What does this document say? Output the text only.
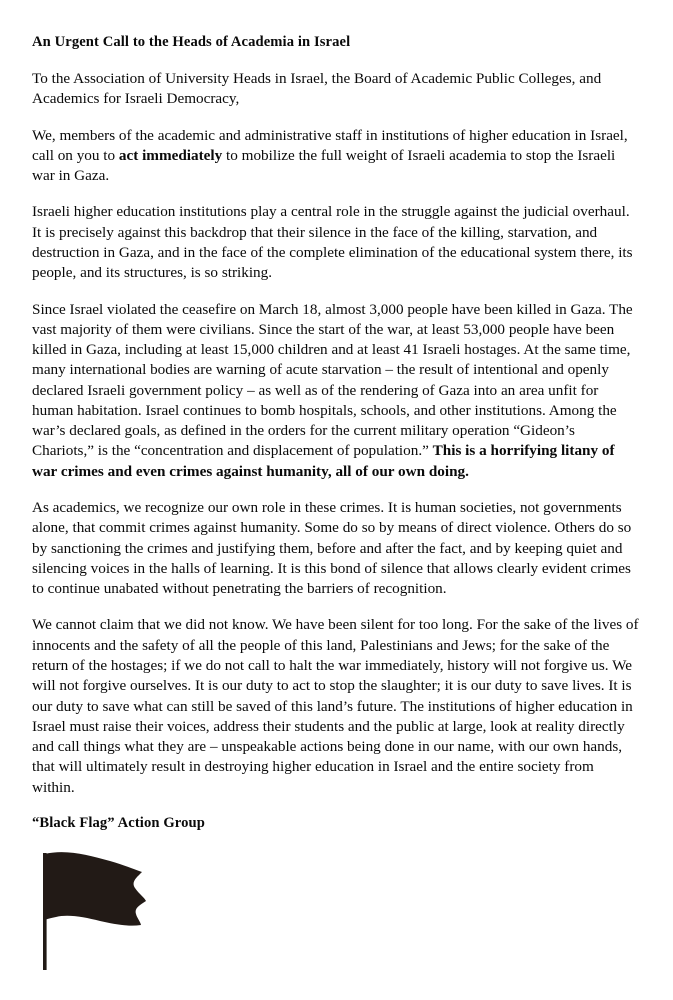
An Urgent Call to the Heads of Academia in Israel

To the Association of University Heads in Israel, the Board of Academic Public Colleges, and Academics for Israeli Democracy,

We, members of the academic and administrative staff in institutions of higher education in Israel, call on you to act immediately to mobilize the full weight of Israeli academia to stop the Israeli war in Gaza.

Israeli higher education institutions play a central role in the struggle against the judicial overhaul. It is precisely against this backdrop that their silence in the face of the killing, starvation, and destruction in Gaza, and in the face of the complete elimination of the educational system there, its people, and its structures, is so striking.

Since Israel violated the ceasefire on March 18, almost 3,000 people have been killed in Gaza. The vast majority of them were civilians. Since the start of the war, at least 53,000 people have been killed in Gaza, including at least 15,000 children and at least 41 Israeli hostages. At the same time, many international bodies are warning of acute starvation – the result of intentional and openly declared Israeli government policy – as well as of the rendering of Gaza into an area unfit for human habitation. Israel continues to bomb hospitals, schools, and other institutions. Among the war’s declared goals, as defined in the orders for the current military operation “Gideon’s Chariots,” is the “concentration and displacement of population.” This is a horrifying litany of war crimes and even crimes against humanity, all of our own doing.

As academics, we recognize our own role in these crimes. It is human societies, not governments alone, that commit crimes against humanity. Some do so by means of direct violence. Others do so by sanctioning the crimes and justifying them, before and after the fact, and by keeping quiet and silencing voices in the halls of learning. It is this bond of silence that allows clearly evident crimes to continue unabated without penetrating the barriers of recognition.

We cannot claim that we did not know. We have been silent for too long. For the sake of the lives of innocents and the safety of all the people of this land, Palestinians and Jews; for the sake of the return of the hostages; if we do not call to halt the war immediately, history will not forgive us. We will not forgive ourselves. It is our duty to act to stop the slaughter; it is our duty to save lives. It is our duty to save what can still be saved of this land’s future. The institutions of higher education in Israel must raise their voices, address their students and the public at large, look at reality directly and call things what they are – unspeakable actions being done in our name, with our own hands, that will ultimately result in destroying higher education in Israel and the entire society from within.

“Black Flag” Action Group
